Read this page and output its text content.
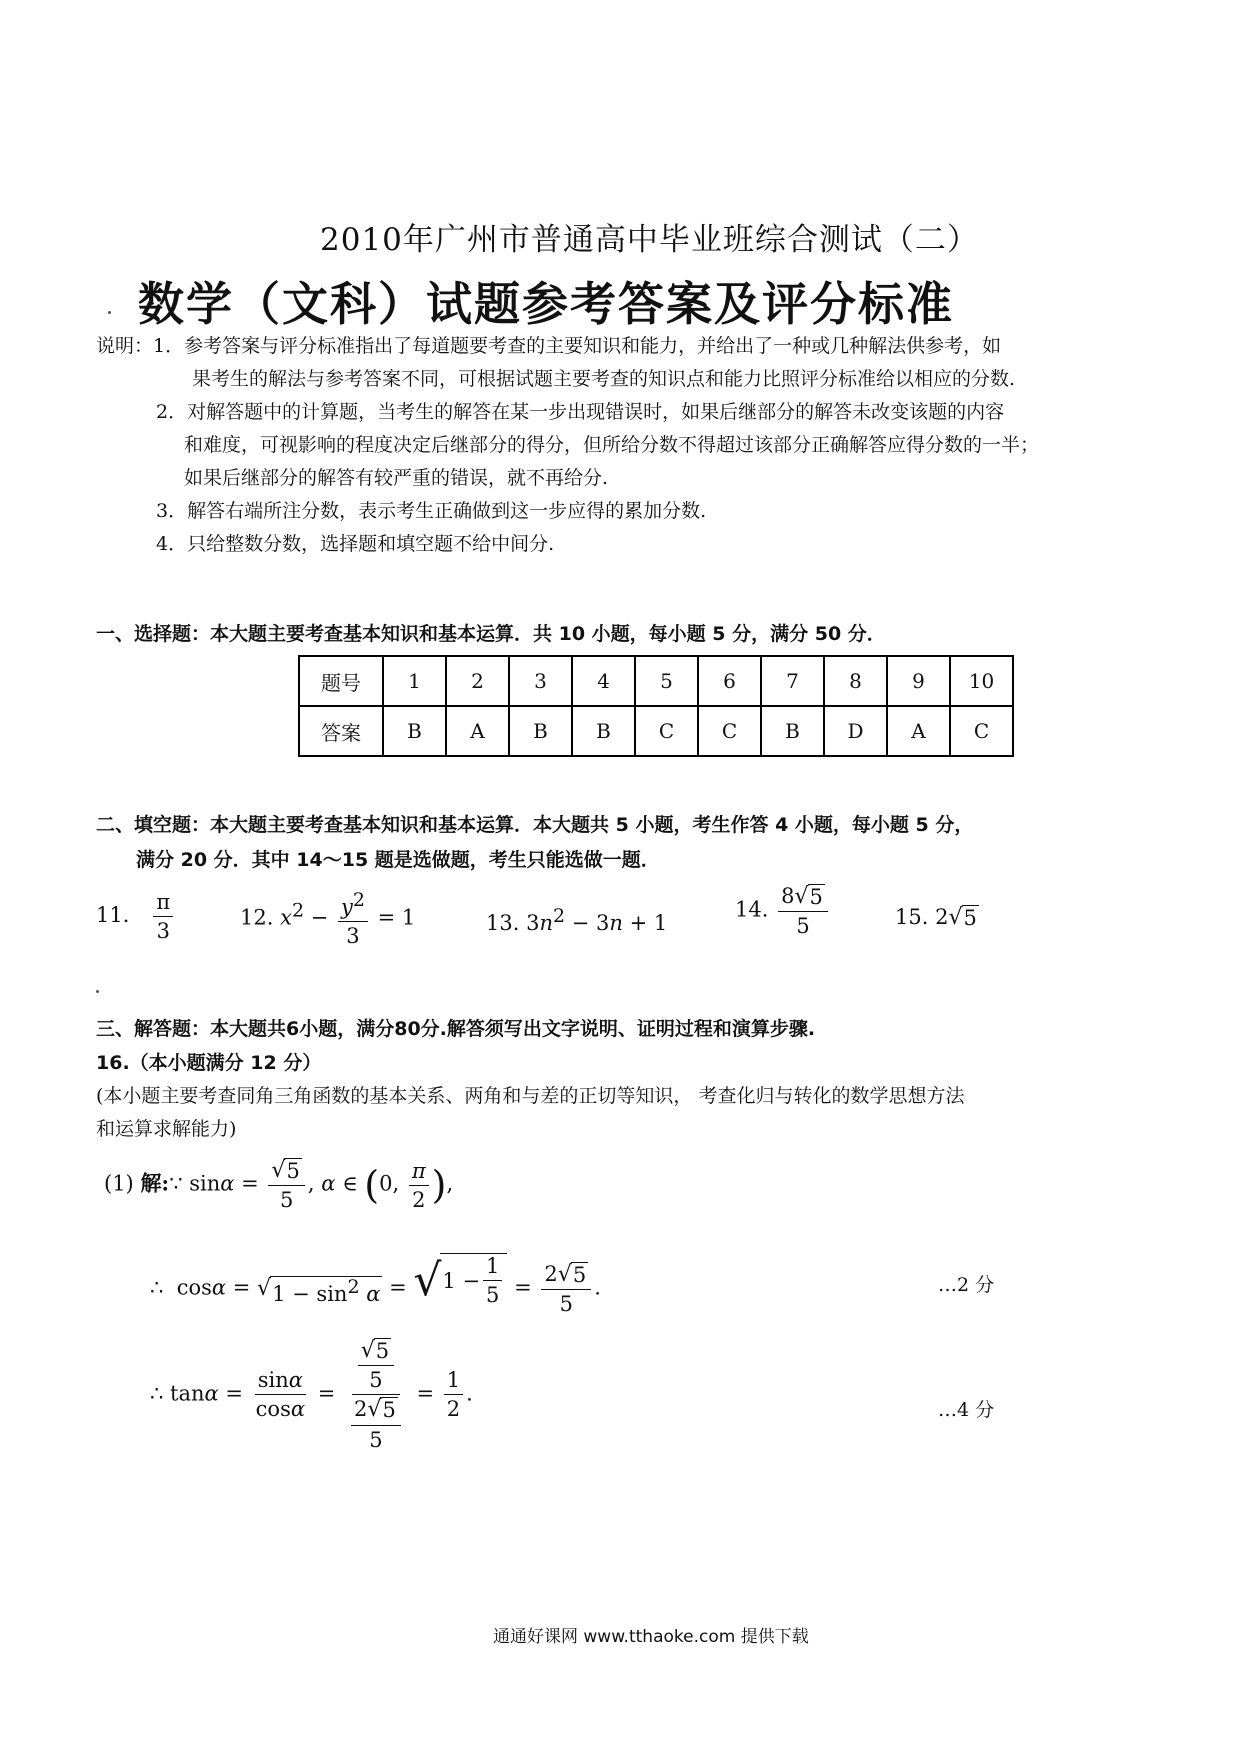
2010年广州市普通高中毕业班综合测试（二）
数学（文科）试题参考答案及评分标准
说明：1．参考答案与评分标准指出了每道题要考查的主要知识和能力，并给出了一种或几种解法供参考，如
果考生的解法与参考答案不同，可根据试题主要考查的知识点和能力比照评分标准给以相应的分数.
2．对解答题中的计算题，当考生的解答在某一步出现错误时，如果后继部分的解答未改变该题的内容
和难度，可视影响的程度决定后继部分的得分，但所给分数不得超过该部分正确解答应得分数的一半；
如果后继部分的解答有较严重的错误，就不再给分.
3．解答右端所注分数，表示考生正确做到这一步应得的累加分数.
4．只给整数分数，选择题和填空题不给中间分.
一、选择题：本大题主要考查基本知识和基本运算．共 10 小题，每小题 5 分，满分 50 分．
题号	1	2	3	4	5	6	7	8	9	10
答案	B	A	B	B	C	C	B	D	A	C
二、填空题：本大题主要考查基本知识和基本运算．本大题共 5 小题，考生作答 4 小题，每小题 5 分，
满分 20 分．其中 14～15 题是选做题，考生只能选做一题．
11． $\frac{\pi}{3}$	12. $x^2 - \frac{y^2}{3} = 1$	13. $3n^2 - 3n + 1$
14. $\frac{8 √ 5}{5}$	15. 2 √ 5
三、解答题：本大题共6小题，满分80分.解答须写出文字说明、证明过程和演算步骤.
16.（本小题满分 12 分）
(本小题主要考查同角三角函数的基本关系、两角和与差的正切等知识， 考查化归与转化的数学思想方法
和运算求解能力)
(1) 解:∵ $\sin\alpha = \frac{√ 5}{5}$ , α ∈ (0, $\frac{\pi}{2}$ ),
∴  cosα = √ $1 - \sin^2 \alpha$ = √ $1 - \frac{1}{5} = \frac{2 √ 5}{5}$ .	…2 分
∴ $\tan\alpha = \frac{\sin\alpha}{\cos\alpha} = \frac{\frac{√ 5}{5}}{\frac{2 √ 5}{5}} = \frac{1}{2}$ .
…4 分
通通好课网 www.tthaoke.com 提供下载
